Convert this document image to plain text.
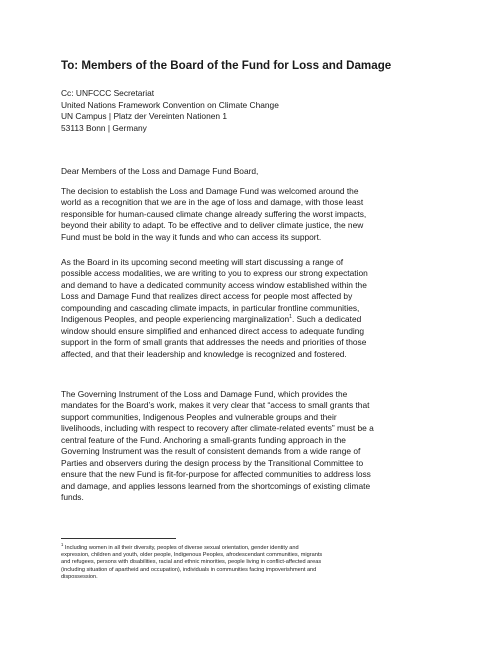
To: Members of the Board of the Fund for Loss and Damage
Cc: UNFCCC Secretariat
United Nations Framework Convention on Climate Change
UN Campus | Platz der Vereinten Nationen 1
53113 Bonn | Germany
Dear Members of the Loss and Damage Fund Board,
The decision to establish the Loss and Damage Fund was welcomed around the
world as a recognition that we are in the age of loss and damage, with those least
responsible for human-caused climate change already suffering the worst impacts,
beyond their ability to adapt. To be effective and to deliver climate justice, the new
Fund must be bold in the way it funds and who can access its support.
As the Board in its upcoming second meeting will start discussing a range of
possible access modalities, we are writing to you to express our strong expectation
and demand to have a dedicated community access window established within the
Loss and Damage Fund that realizes direct access for people most affected by
compounding and cascading climate impacts, in particular frontline communities,
Indigenous Peoples, and people experiencing marginalization$^1$. Such a dedicated
window should ensure simplified and enhanced direct access to adequate funding
support in the form of small grants that addresses the needs and priorities of those
affected, and that their leadership and knowledge is recognized and fostered.
The Governing Instrument of the Loss and Damage Fund, which provides the
mandates for the Board’s work, makes it very clear that “access to small grants that
support communities, Indigenous Peoples and vulnerable groups and their
livelihoods, including with respect to recovery after climate-related events” must be a
central feature of the Fund. Anchoring a small-grants funding approach in the
Governing Instrument was the result of consistent demands from a wide range of
Parties and observers during the design process by the Transitional Committee to
ensure that the new Fund is fit-for-purpose for affected communities to address loss
and damage, and applies lessons learned from the shortcomings of existing climate
funds.
$^1$ Including women in all their diversity, peoples of diverse sexual orientation, gender identity and
expression, children and youth, older people, Indigenous Peoples, afrodescendant communities, migrants
and refugees, persons with disabilities, racial and ethnic minorities, people living in conflict-affected areas
(including situation of apartheid and occupation), individuals in communities facing impoverishment and
dispossession.
